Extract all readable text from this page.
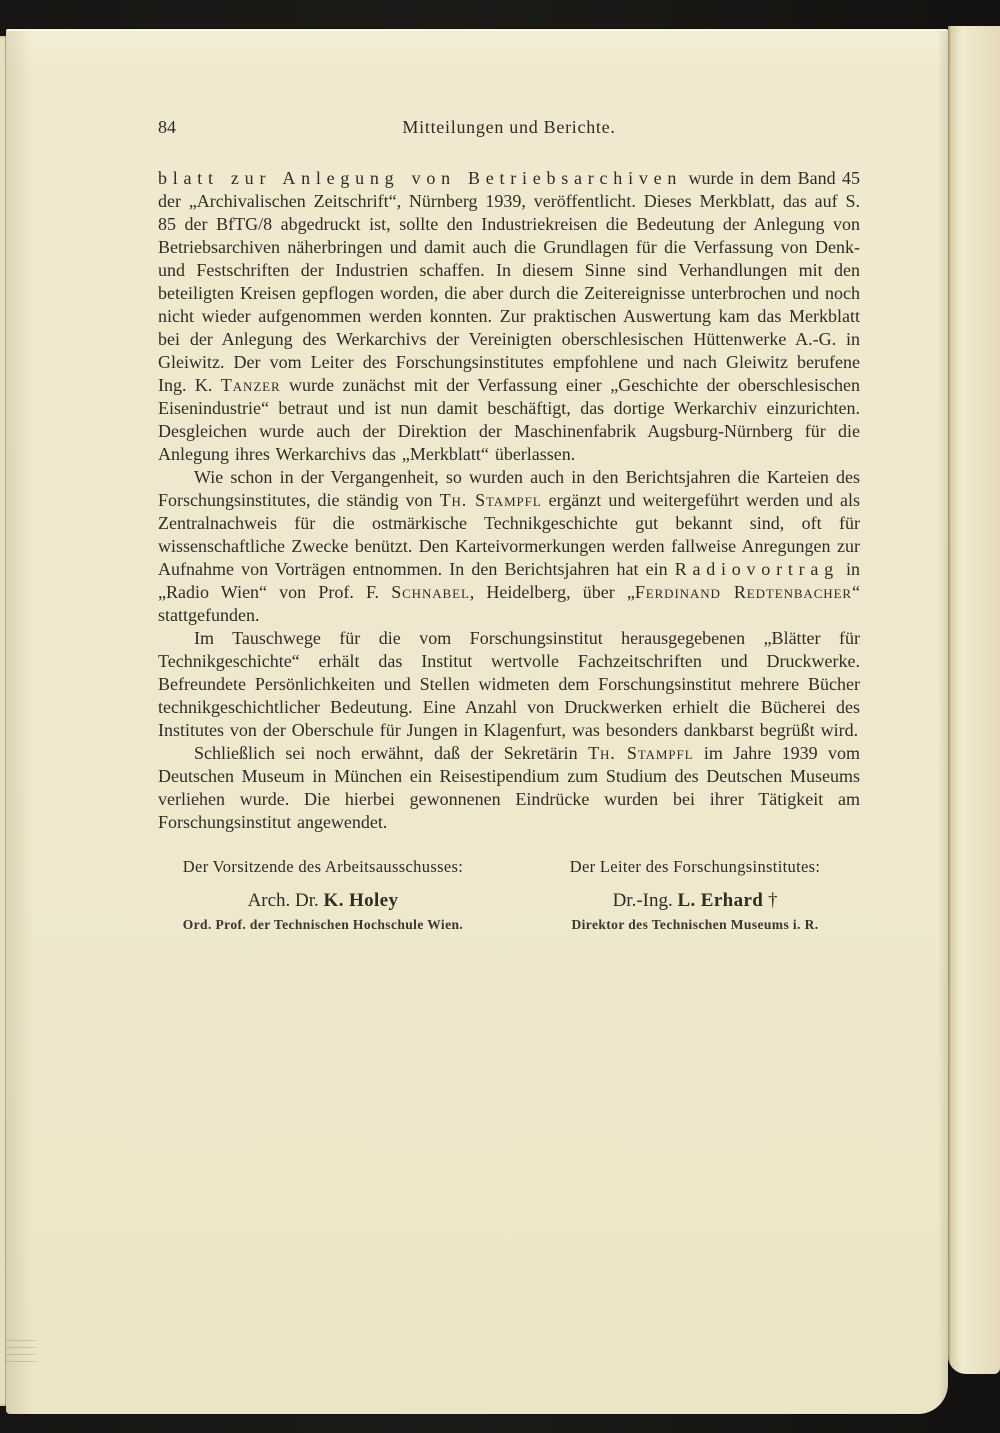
84	Mitteilungen und Berichte.

blatt zur Anlegung von Betriebsarchiven wurde in dem Band 45 der „Archivalischen Zeitschrift“, Nürnberg 1939, veröffentlicht. Dieses Merkblatt, das auf S. 85 der BfTG/8 abgedruckt ist, sollte den Industriekreisen die Bedeutung der Anlegung von Betriebsarchiven näherbringen und damit auch die Grundlagen für die Verfassung von Denk- und Festschriften der Industrien schaffen. In diesem Sinne sind Verhandlungen mit den beteiligten Kreisen gepflogen worden, die aber durch die Zeitereignisse unterbrochen und noch nicht wieder aufgenommen werden konnten. Zur praktischen Auswertung kam das Merkblatt bei der Anlegung des Werkarchivs der Vereinigten oberschlesischen Hüttenwerke A.-G. in Gleiwitz. Der vom Leiter des Forschungsinstitutes empfohlene und nach Gleiwitz berufene Ing. K. Tanzer wurde zunächst mit der Verfassung einer „Geschichte der oberschlesischen Eisenindustrie“ betraut und ist nun damit beschäftigt, das dortige Werkarchiv einzurichten. Desgleichen wurde auch der Direktion der Maschinenfabrik Augsburg-Nürnberg für die Anlegung ihres Werkarchivs das „Merkblatt“ überlassen.

Wie schon in der Vergangenheit, so wurden auch in den Berichtsjahren die Karteien des Forschungsinstitutes, die ständig von Th. Stampfl ergänzt und weitergeführt werden und als Zentralnachweis für die ostmärkische Technikgeschichte gut bekannt sind, oft für wissenschaftliche Zwecke benützt. Den Karteivormerkungen werden fallweise Anregungen zur Aufnahme von Vorträgen entnommen. In den Berichtsjahren hat ein Radiovortrag in „Radio Wien“ von Prof. F. Schnabel, Heidelberg, über „Ferdinand Redtenbacher“ stattgefunden.

Im Tauschwege für die vom Forschungsinstitut herausgegebenen „Blätter für Technikgeschichte“ erhält das Institut wertvolle Fachzeitschriften und Druckwerke. Befreundete Persönlichkeiten und Stellen widmeten dem Forschungsinstitut mehrere Bücher technikgeschichtlicher Bedeutung. Eine Anzahl von Druckwerken erhielt die Bücherei des Institutes von der Oberschule für Jungen in Klagenfurt, was besonders dankbarst begrüßt wird.

Schließlich sei noch erwähnt, daß der Sekretärin Th. Stampfl im Jahre 1939 vom Deutschen Museum in München ein Reisestipendium zum Studium des Deutschen Museums verliehen wurde. Die hierbei gewonnenen Eindrücke wurden bei ihrer Tätigkeit am Forschungsinstitut angewendet.

Der Vorsitzende des Arbeitsausschusses:
Arch. Dr. K. Holey
Ord. Prof. der Technischen Hochschule Wien.
Der Leiter des Forschungsinstitutes:
Dr.-Ing. L. Erhard †
Direktor des Technischen Museums i. R.
